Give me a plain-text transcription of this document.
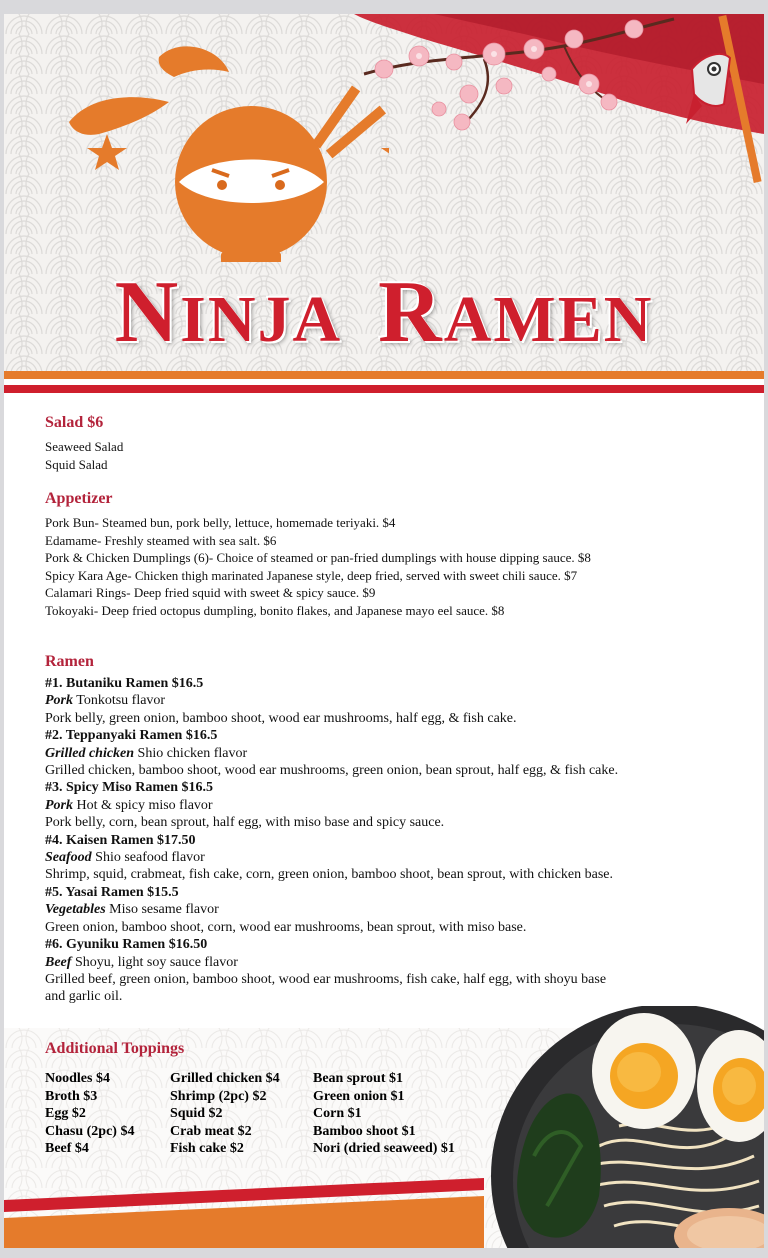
NINJA RAMEN
Salad $6
Seaweed Salad
Squid Salad
Appetizer
Pork Bun- Steamed bun, pork belly, lettuce, homemade teriyaki. $4
Edamame- Freshly steamed with sea salt. $6
Pork & Chicken Dumplings (6)- Choice of steamed or pan-fried dumplings with house dipping sauce. $8
Spicy Kara Age- Chicken thigh marinated Japanese style, deep fried, served with sweet chili sauce. $7
Calamari Rings- Deep fried squid with sweet & spicy sauce. $9
Tokoyaki- Deep fried octopus dumpling, bonito flakes, and Japanese mayo eel sauce. $8
Ramen
#1. Butaniku Ramen $16.5
Pork Tonkotsu flavor
Pork belly, green onion, bamboo shoot, wood ear mushrooms, half egg, & fish cake.
#2. Teppanyaki Ramen $16.5
Grilled chicken Shio chicken flavor
Grilled chicken, bamboo shoot, wood ear mushrooms, green onion, bean sprout, half egg, & fish cake.
#3. Spicy Miso Ramen $16.5
Pork Hot & spicy miso flavor
Pork belly, corn, bean sprout, half egg, with miso base and spicy sauce.
#4. Kaisen Ramen $17.50
Seafood Shio seafood flavor
Shrimp, squid, crabmeat, fish cake, corn, green onion, bamboo shoot, bean sprout, with chicken base.
#5. Yasai Ramen $15.5
Vegetables Miso sesame flavor
Green onion, bamboo shoot, corn, wood ear mushrooms, bean sprout, with miso base.
#6. Gyuniku Ramen $16.50
Beef Shoyu, light soy sauce flavor
Grilled beef, green onion, bamboo shoot, wood ear mushrooms, fish cake, half egg, with shoyu base
and garlic oil.
Additional Toppings
Noodles $4
Broth $3
Egg $2
Chasu (2pc) $4
Beef $4
Grilled chicken $4
Shrimp (2pc) $2
Squid $2
Crab meat $2
Fish cake $2
Bean sprout $1
Green onion $1
Corn $1
Bamboo shoot $1
Nori (dried seaweed) $1
